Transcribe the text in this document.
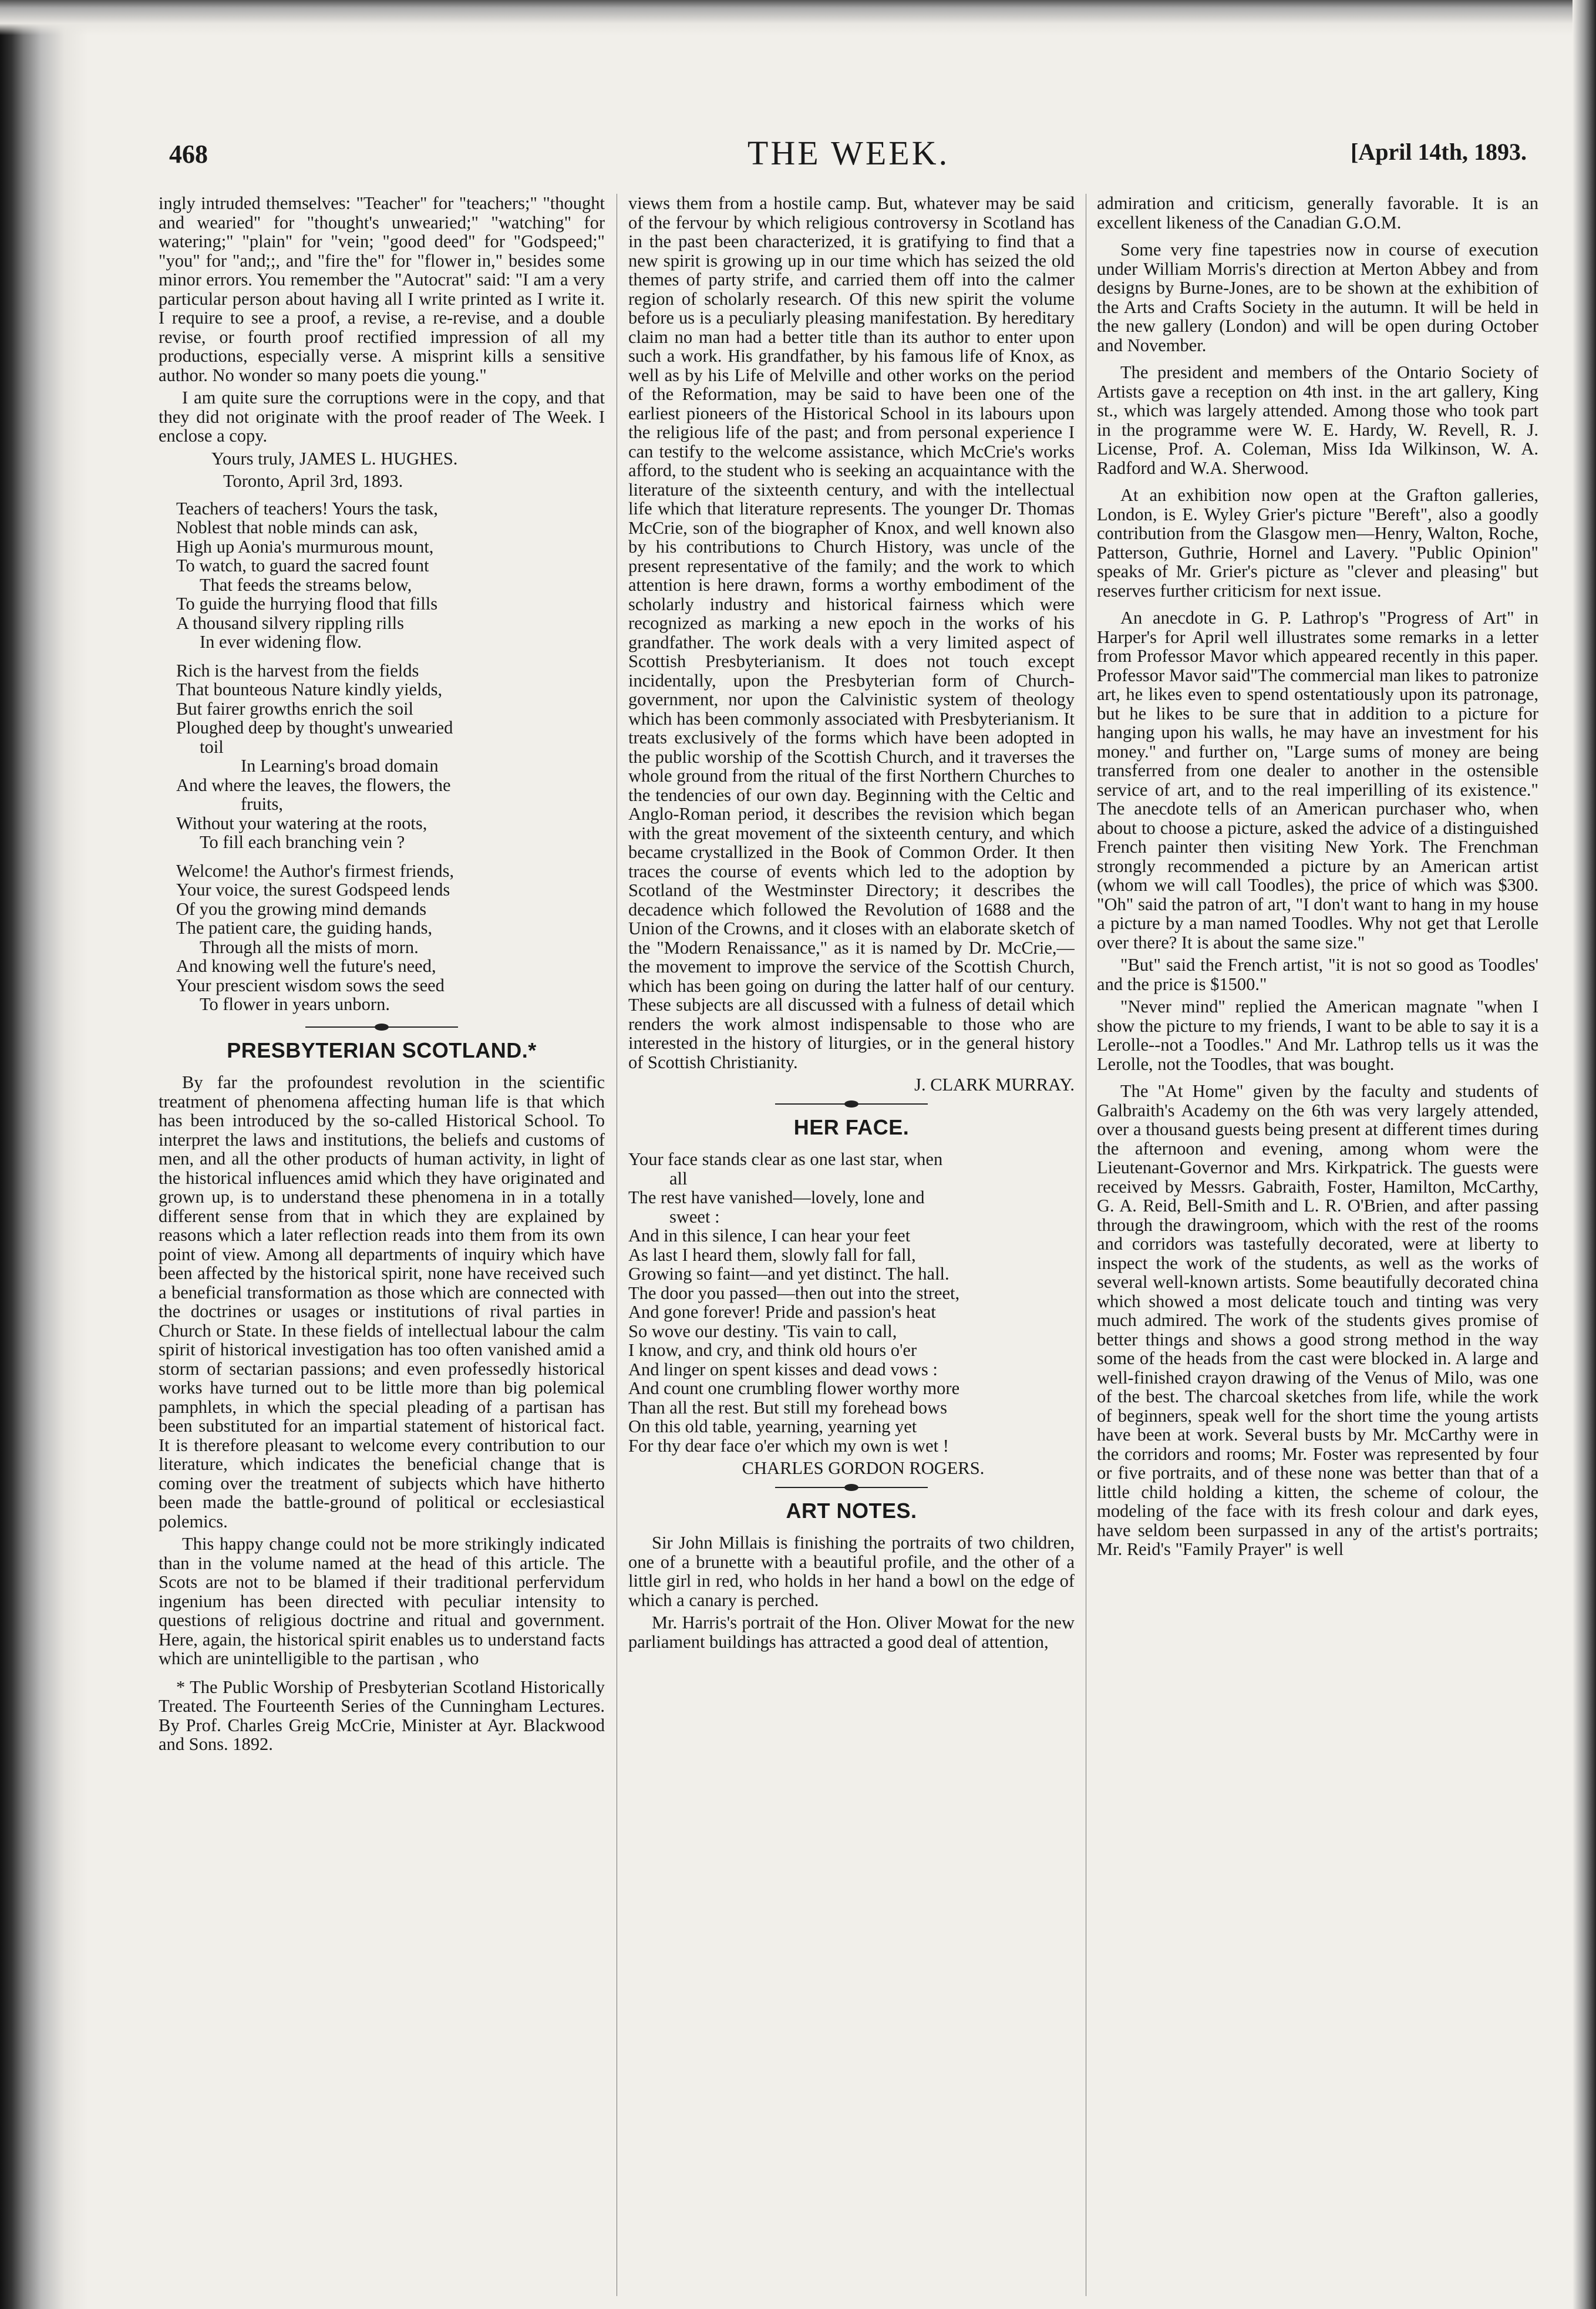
468	THE WEEK.	[April 14th, 1893.

ingly intruded themselves: "Teacher" for "teachers;" "thought and wearied" for "thought's unwearied;" "watching" for watering;" "plain" for "vein; "good deed" for "Godspeed;" "you" for "and;;, and "fire the" for "flower in," besides some minor errors. You remember the "Autocrat" said: "I am a very particular person about having all I write printed as I write it. I require to see a proof, a revise, a re-revise, and a double revise, or fourth proof rectified impression of all my productions, especially verse. A misprint kills a sensitive author. No wonder so many poets die young."

I am quite sure the corruptions were in the copy, and that they did not originate with the proof reader of The Week. I enclose a copy.

Yours truly, JAMES L. HUGHES.

Toronto, April 3rd, 1893.

Teachers of teachers! Yours the task,
Noblest that noble minds can ask,
High up Aonia's murmurous mount,
To watch, to guard the sacred fount
That feeds the streams below,
To guide the hurrying flood that fills
A thousand silvery rippling rills
In ever widening flow.
Rich is the harvest from the fields
That bounteous Nature kindly yields,
But fairer growths enrich the soil
Ploughed deep by thought's unwearied
toil
In Learning's broad domain
And where the leaves, the flowers, the
fruits,
Without your watering at the roots,
To fill each branching vein ?
Welcome! the Author's firmest friends,
Your voice, the surest Godspeed lends
Of you the growing mind demands
The patient care, the guiding hands,
Through all the mists of morn.
And knowing well the future's need,
Your prescient wisdom sows the seed
To flower in years unborn.
PRESBYTERIAN SCOTLAND.*

By far the profoundest revolution in the scientific treatment of phenomena affecting human life is that which has been introduced by the so-called Historical School. To interpret the laws and institutions, the beliefs and customs of men, and all the other products of human activity, in light of the historical influences amid which they have originated and grown up, is to understand these phenomena in in a totally different sense from that in which they are explained by reasons which a later reflection reads into them from its own point of view. Among all departments of inquiry which have been affected by the historical spirit, none have received such a beneficial transformation as those which are connected with the doctrines or usages or institutions of rival parties in Church or State. In these fields of intellectual labour the calm spirit of historical investigation has too often vanished amid a storm of sectarian passions; and even professedly historical works have turned out to be little more than big polemical pamphlets, in which the special pleading of a partisan has been substituted for an impartial statement of historical fact. It is therefore pleasant to welcome every contribution to our literature, which indicates the beneficial change that is coming over the treatment of subjects which have hitherto been made the battle-ground of political or ecclesiastical polemics.

This happy change could not be more strikingly indicated than in the volume named at the head of this article. The Scots are not to be blamed if their traditional perfervidum ingenium has been directed with peculiar intensity to questions of religious doctrine and ritual and government. Here, again, the historical spirit enables us to understand facts which are unintelligible to the partisan , who

* The Public Worship of Presbyterian Scotland Historically Treated. The Fourteenth Series of the Cunningham Lectures. By Prof. Charles Greig McCrie, Minister at Ayr. Blackwood and Sons. 1892.

views them from a hostile camp. But, whatever may be said of the fervour by which religious controversy in Scotland has in the past been characterized, it is gratifying to find that a new spirit is growing up in our time which has seized the old themes of party strife, and carried them off into the calmer region of scholarly research. Of this new spirit the volume before us is a peculiarly pleasing manifestation. By hereditary claim no man had a better title than its author to enter upon such a work. His grandfather, by his famous life of Knox, as well as by his Life of Melville and other works on the period of the Reformation, may be said to have been one of the earliest pioneers of the Historical School in its labours upon the religious life of the past; and from personal experience I can testify to the welcome assistance, which McCrie's works afford, to the student who is seeking an acquaintance with the literature of the sixteenth century, and with the intellectual life which that literature represents. The younger Dr. Thomas McCrie, son of the biographer of Knox, and well known also by his contributions to Church History, was uncle of the present representative of the family; and the work to which attention is here drawn, forms a worthy embodiment of the scholarly industry and historical fairness which were recognized as marking a new epoch in the works of his grandfather. The work deals with a very limited aspect of Scottish Presbyterianism. It does not touch except incidentally, upon the Presbyterian form of Church-government, nor upon the Calvinistic system of theology which has been commonly associated with Presbyterianism. It treats exclusively of the forms which have been adopted in the public worship of the Scottish Church, and it traverses the whole ground from the ritual of the first Northern Churches to the tendencies of our own day. Beginning with the Celtic and Anglo-Roman period, it describes the revision which began with the great movement of the sixteenth century, and which became crystallized in the Book of Common Order. It then traces the course of events which led to the adoption by Scotland of the Westminster Directory; it describes the decadence which followed the Revolution of 1688 and the Union of the Crowns, and it closes with an elaborate sketch of the "Modern Renaissance," as it is named by Dr. McCrie,—the movement to improve the service of the Scottish Church, which has been going on during the latter half of our century. These subjects are all discussed with a fulness of detail which renders the work almost indispensable to those who are interested in the history of liturgies, or in the general history of Scottish Christianity.

J. CLARK MURRAY.

HER FACE.
Your face stands clear as one last star, when
all
The rest have vanished—lovely, lone and
sweet :
And in this silence, I can hear your feet
As last I heard them, slowly fall for fall,
Growing so faint—and yet distinct. The hall.
The door you passed—then out into the street,
And gone forever! Pride and passion's heat
So wove our destiny. 'Tis vain to call,
I know, and cry, and think old hours o'er
And linger on spent kisses and dead vows :
And count one crumbling flower worthy more
Than all the rest. But still my forehead bows
On this old table, yearning, yearning yet
For thy dear face o'er which my own is wet !

CHARLES GORDON ROGERS.

ART NOTES.

Sir John Millais is finishing the portraits of two children, one of a brunette with a beautiful profile, and the other of a little girl in red, who holds in her hand a bowl on the edge of which a canary is perched.

Mr. Harris's portrait of the Hon. Oliver Mowat for the new parliament buildings has attracted a good deal of attention,

admiration and criticism, generally favorable. It is an excellent likeness of the Canadian G.O.M.

Some very fine tapestries now in course of execution under William Morris's direction at Merton Abbey and from designs by Burne-Jones, are to be shown at the exhibition of the Arts and Crafts Society in the autumn. It will be held in the new gallery (London) and will be open during October and November.

The president and members of the Ontario Society of Artists gave a reception on 4th inst. in the art gallery, King st., which was largely attended. Among those who took part in the programme were W. E. Hardy, W. Revell, R. J. License, Prof. A. Coleman, Miss Ida Wilkinson, W. A. Radford and W.A. Sherwood.

At an exhibition now open at the Grafton galleries, London, is E. Wyley Grier's picture "Bereft", also a goodly contribution from the Glasgow men—Henry, Walton, Roche, Patterson, Guthrie, Hornel and Lavery. "Public Opinion" speaks of Mr. Grier's picture as "clever and pleasing" but reserves further criticism for next issue.

An anecdote in G. P. Lathrop's "Progress of Art" in Harper's for April well illustrates some remarks in a letter from Professor Mavor which appeared recently in this paper. Professor Mavor said"The commercial man likes to patronize art, he likes even to spend ostentatiously upon its patronage, but he likes to be sure that in addition to a picture for hanging upon his walls, he may have an investment for his money." and further on, "Large sums of money are being transferred from one dealer to another in the ostensible service of art, and to the real imperilling of its existence." The anecdote tells of an American purchaser who, when about to choose a picture, asked the advice of a distinguished French painter then visiting New York. The Frenchman strongly recommended a picture by an American artist (whom we will call Toodles), the price of which was $300. "Oh" said the patron of art, "I don't want to hang in my house a picture by a man named Toodles. Why not get that Lerolle over there? It is about the same size."

"But" said the French artist, "it is not so good as Toodles' and the price is $1500."

"Never mind" replied the American magnate "when I show the picture to my friends, I want to be able to say it is a Lerolle--not a Toodles." And Mr. Lathrop tells us it was the Lerolle, not the Toodles, that was bought.

The "At Home" given by the faculty and students of Galbraith's Academy on the 6th was very largely attended, over a thousand guests being present at different times during the afternoon and evening, among whom were the Lieutenant-Governor and Mrs. Kirkpatrick. The guests were received by Messrs. Gabraith, Foster, Hamilton, McCarthy, G. A. Reid, Bell-Smith and L. R. O'Brien, and after passing through the drawingroom, which with the rest of the rooms and corridors was tastefully decorated, were at liberty to inspect the work of the students, as well as the works of several well-known artists. Some beautifully decorated china which showed a most delicate touch and tinting was very much admired. The work of the students gives promise of better things and shows a good strong method in the way some of the heads from the cast were blocked in. A large and well-finished crayon drawing of the Venus of Milo, was one of the best. The charcoal sketches from life, while the work of beginners, speak well for the short time the young artists have been at work. Several busts by Mr. McCarthy were in the corridors and rooms; Mr. Foster was represented by four or five portraits, and of these none was better than that of a little child holding a kitten, the scheme of colour, the modeling of the face with its fresh colour and dark eyes, have seldom been surpassed in any of the artist's portraits; Mr. Reid's "Family Prayer" is well
